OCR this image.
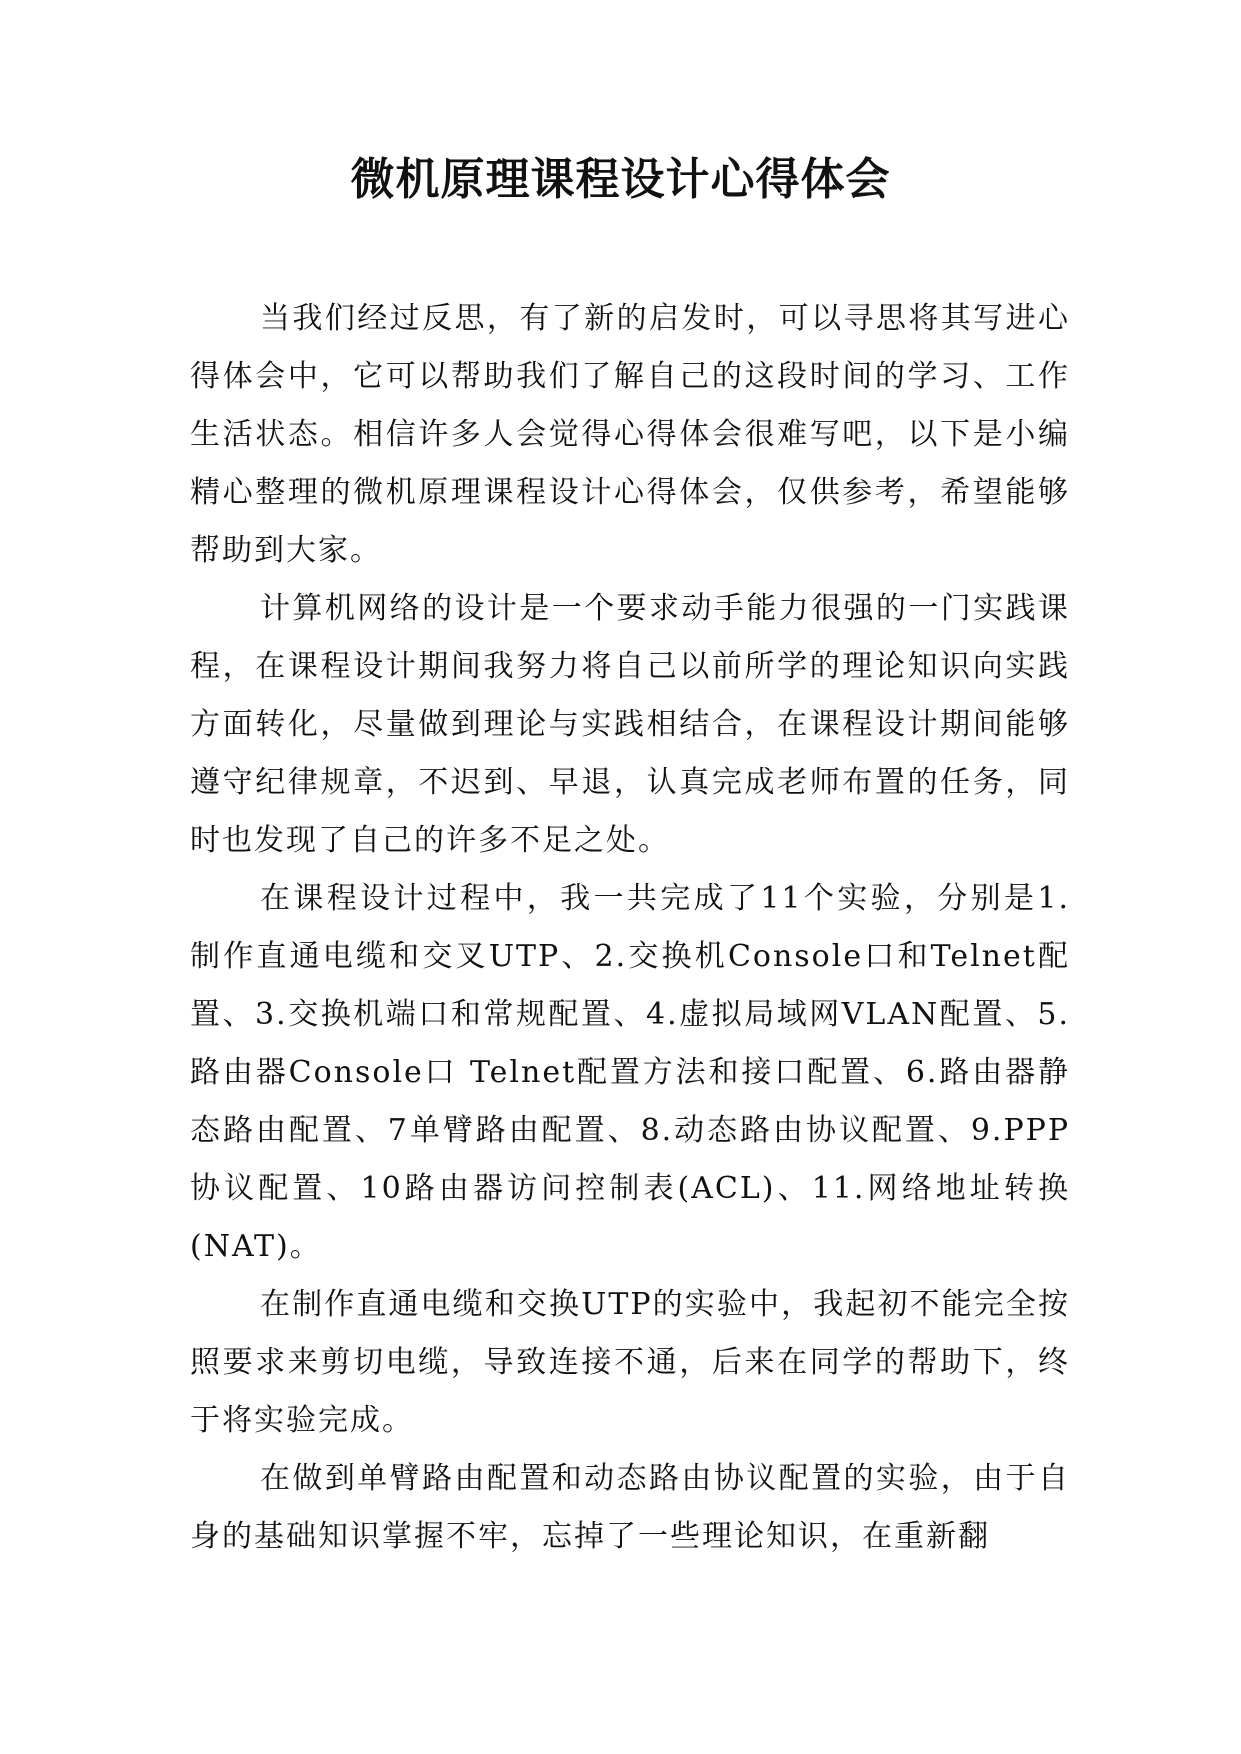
微机原理课程设计心得体会

当我们经过反思，有了新的启发时，可以寻思将其写进心得体会中，它可以帮助我们了解自己的这段时间的学习、工作生活状态。相信许多人会觉得心得体会很难写吧，以下是小编精心整理的微机原理课程设计心得体会，仅供参考，希望能够帮助到大家。

计算机网络的设计是一个要求动手能力很强的一门实践课程，在课程设计期间我努力将自己以前所学的理论知识向实践方面转化，尽量做到理论与实践相结合，在课程设计期间能够遵守纪律规章，不迟到、早退，认真完成老师布置的任务，同时也发现了自己的许多不足之处。

在课程设计过程中，我一共完成了11个实验，分别是1.制作直通电缆和交叉UTP、2.交换机Console口和Telnet配置、3.交换机端口和常规配置、4.虚拟局域网VLAN配置、5.路由器Console口 Telnet配置方法和接口配置、6.路由器静态路由配置、7单臂路由配置、8.动态路由协议配置、9.PPP协议配置、10路由器访问控制表(ACL)、11.网络地址转换(NAT)。

在制作直通电缆和交换UTP的实验中，我起初不能完全按照要求来剪切电缆，导致连接不通，后来在同学的帮助下，终于将实验完成。

在做到单臂路由配置和动态路由协议配置的实验，由于自身的基础知识掌握不牢，忘掉了一些理论知识，在重新翻
